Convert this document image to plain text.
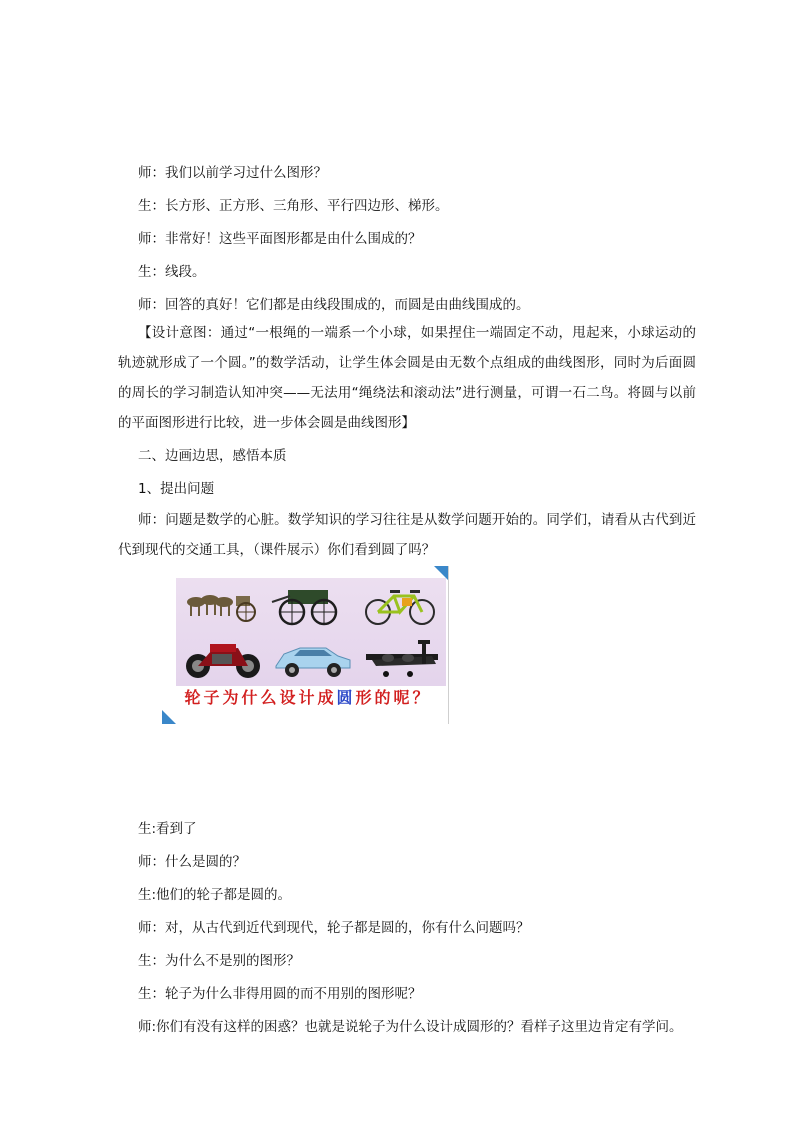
师：我们以前学习过什么图形？
生：长方形、正方形、三角形、平行四边形、梯形。
师：非常好！这些平面图形都是由什么围成的？
生：线段。
师：回答的真好！它们都是由线段围成的，而圆是由曲线围成的。

【设计意图：通过“一根绳的一端系一个小球，如果捏住一端固定不动，甩起来，小球运动的轨迹就形成了一个圆。”的数学活动，让学生体会圆是由无数个点组成的曲线图形，同时为后面圆的周长的学习制造认知冲突——无法用“绳绕法和滚动法”进行测量，可谓一石二鸟。将圆与以前的平面图形进行比较，进一步体会圆是曲线图形】

二、边画边思，感悟本质
1、提出问题

师：问题是数学的心脏。数学知识的学习往往是从数学问题开始的。同学们，请看从古代到近代到现代的交通工具，（课件展示）你们看到圆了吗？

轮子为什么设计成圆形的呢？
生:看到了
师：什么是圆的？
生:他们的轮子都是圆的。
师：对，从古代到近代到现代，轮子都是圆的，你有什么问题吗？
生：为什么不是别的图形？
生：轮子为什么非得用圆的而不用别的图形呢？
师:你们有没有这样的困惑？也就是说轮子为什么设计成圆形的？看样子这里边肯定有学问。
